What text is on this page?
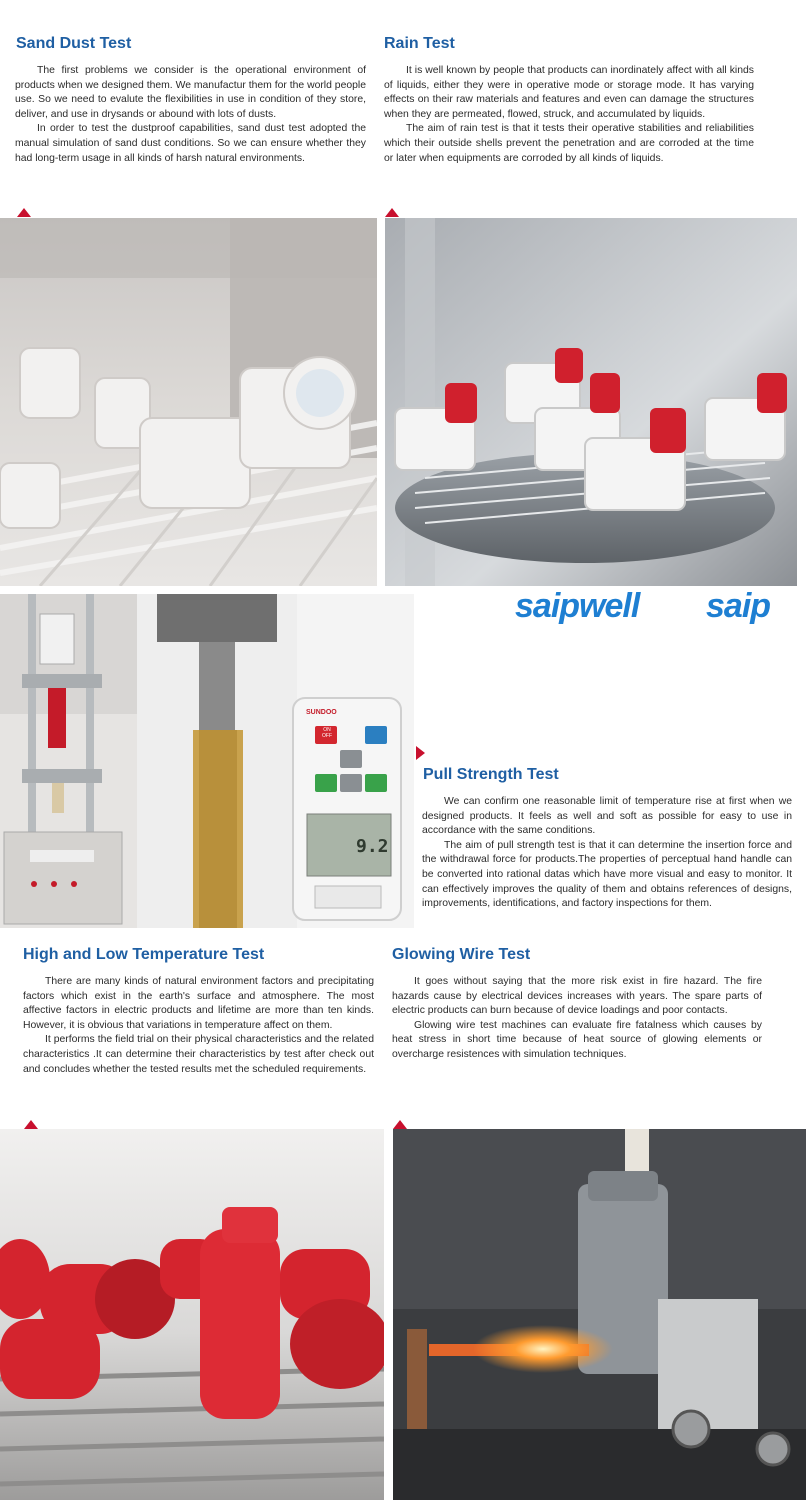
Sand Dust Test

The first problems we consider is the operational environment of products when we designed them. We manufactur them for the world people use. So we need to evalute the flexibilities in use in condition of they store, deliver, and use in drysands or abound with lots of dusts.

In order to test the dustproof capabilities, sand dust test adopted the manual simulation of sand dust conditions. So we can ensure whether they had long-term usage in all kinds of harsh natural environments.

Rain Test

It is well known by people that products can inordinately affect with all kinds of liquids, either they were in operative mode or storage mode. It has varying effects on their raw materials and features and even can damage the structures when they are permeated, flowed, struck, and accumulated by liquids.

The aim of rain test is that it tests their operative stabilities and reliabilities which their outside shells prevent the penetration and are corroded at the time or later when equipments are corroded by all kinds of liquids.

SUNDOO
ON OFF
9.2
saipwell saip
Pull Strength Test

We can confirm one reasonable limit of temperature rise at first when we designed products. It feels as well and soft as possible for easy to use in accordance with the same conditions.

The aim of pull strength test is that it can determine the insertion force and the withdrawal force for products.The properties of perceptual hand handle can be converted into rational datas which have more visual and easy to monitor. It can effectively improves the quality of them and obtains references of designs, improvements, identifications, and factory inspections for them.

High and Low Temperature Test

There are many kinds of natural environment factors and precipitating factors which exist in the earth's surface and atmosphere. The most affective factors in electric products and lifetime are more than ten kinds. However, it is obvious that variations in temperature affect on them.

It performs the field trial on their physical characteristics and the related characteristics .It can determine their characteristics by test after check out and concludes whether the tested results met the scheduled requirements.

Glowing Wire Test

It goes without saying that the more risk exist in fire hazard. The fire hazards cause by electrical devices increases with years. The spare parts of electric products can burn because of device loadings and poor contacts.

Glowing wire test machines can evaluate fire fatalness which causes by heat stress in short time because of heat source of glowing elements or overcharge resistences with simulation techniques.
